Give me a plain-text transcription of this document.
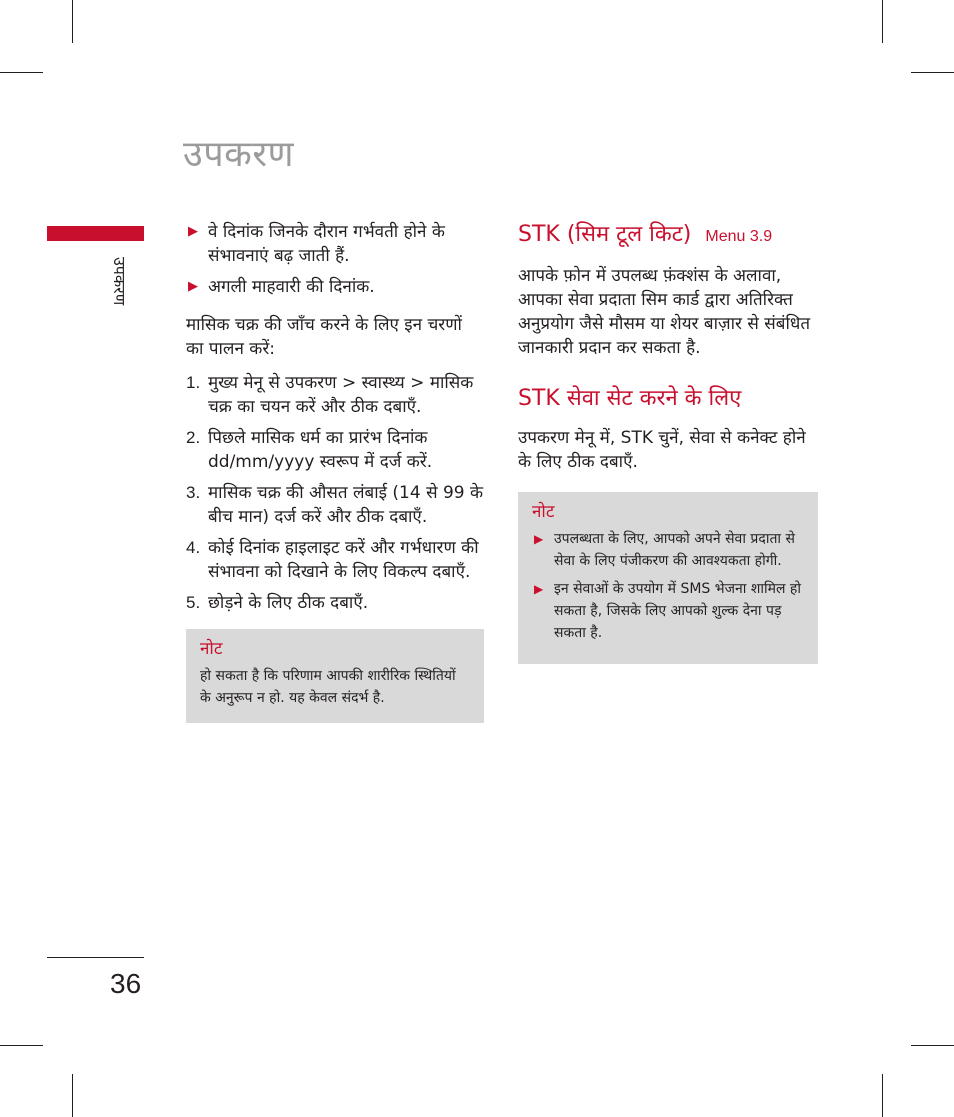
उपकरण
उपकरण
36
▶ वे दिनांक जिनके दौरान गर्भवती होने के संभावनाएं बढ़ जाती हैं.
▶ अगली माहवारी की दिनांक.

मासिक चक्र की जाँच करने के लिए इन चरणों का पालन करें:

1. मुख्य मेनू से उपकरण > स्वास्थ्य > मासिक चक्र का चयन करें और ठीक दबाएँ.
2. पिछले मासिक धर्म का प्रारंभ दिनांक dd/mm/yyyy स्वरूप में दर्ज करें.
3. मासिक चक्र की औसत लंबाई (14 से 99 के बीच मान) दर्ज करें और ठीक दबाएँ.
4. कोई दिनांक हाइलाइट करें और गर्भधारण की संभावना को दिखाने के लिए विकल्प दबाएँ.
5. छोड़ने के लिए ठीक दबाएँ.

नोट

हो सकता है कि परिणाम आपकी शारीरिक स्थितियों के अनुरूप न हो. यह केवल संदर्भ है.

STK (सिम टूल किट) Menu 3.9

आपके फ़ोन में उपलब्ध फ़ंक्शंस के अलावा, आपका सेवा प्रदाता सिम कार्ड द्वारा अतिरिक्त अनुप्रयोग जैसे मौसम या शेयर बाज़ार से संबंधित जानकारी प्रदान कर सकता है.

STK सेवा सेट करने के लिए

उपकरण मेनू में, STK चुनें, सेवा से कनेक्ट होने के लिए ठीक दबाएँ.

नोट

▶ उपलब्धता के लिए, आपको अपने सेवा प्रदाता से सेवा के लिए पंजीकरण की आवश्यकता होगी.
▶ इन सेवाओं के उपयोग में SMS भेजना शामिल हो सकता है, जिसके लिए आपको शुल्क देना पड़ सकता है.
